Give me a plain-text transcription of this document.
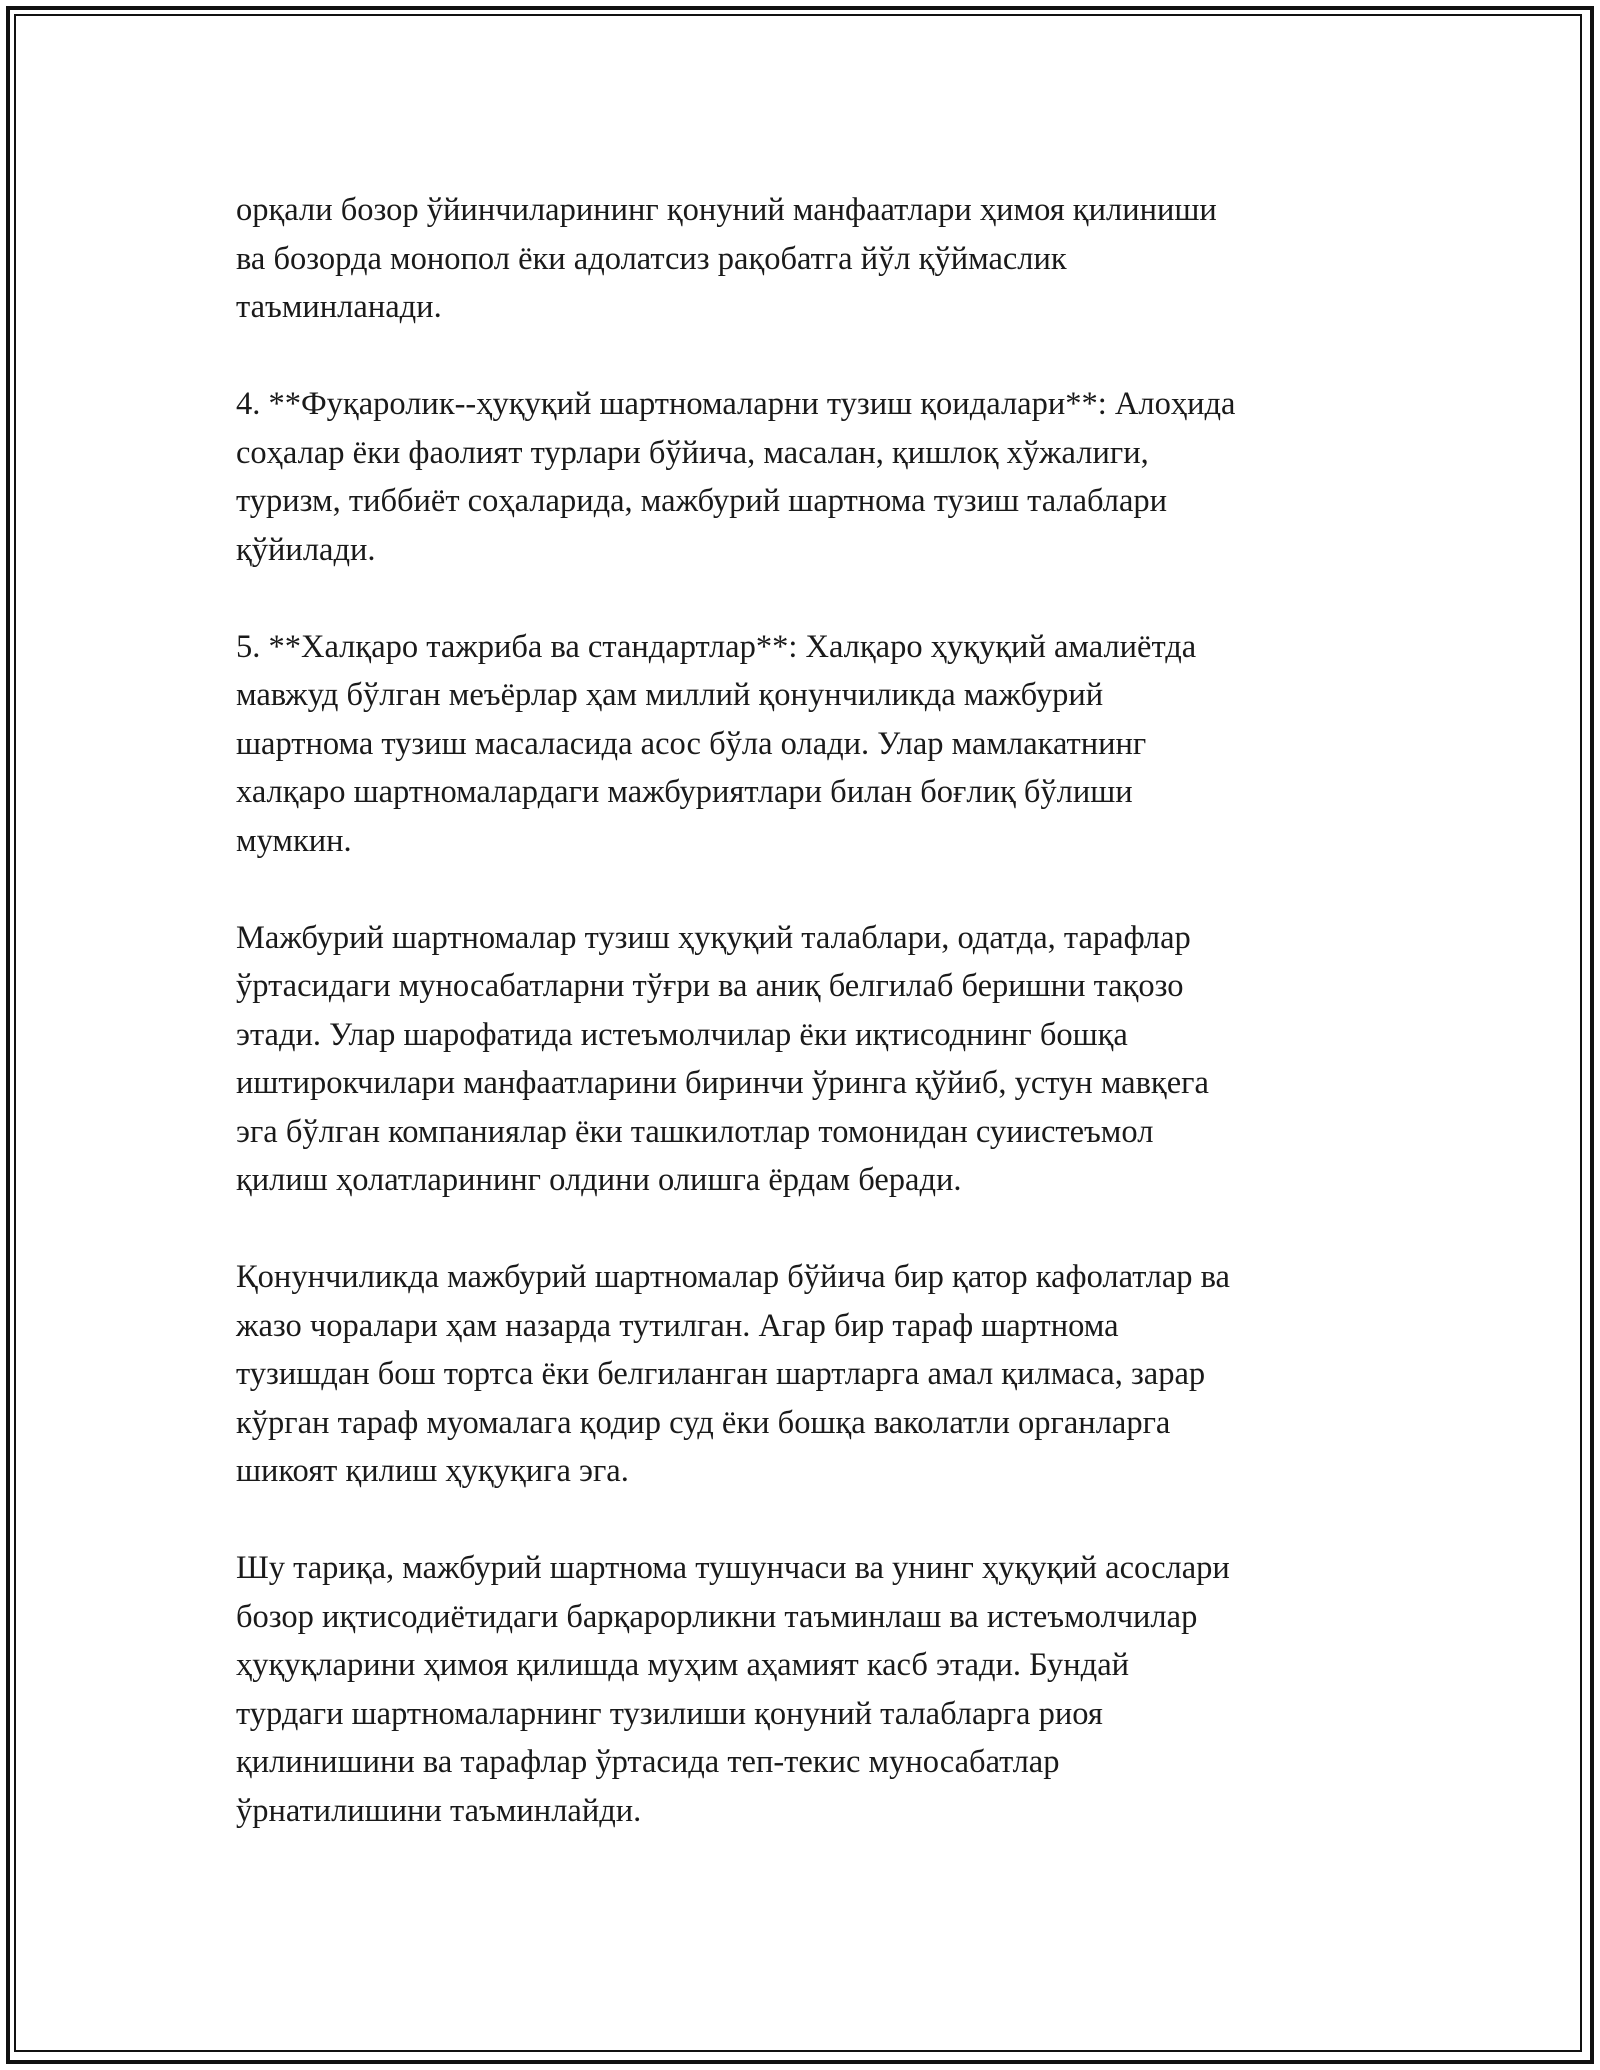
орқали бозор ўйинчиларининг қонуний манфаатлари ҳимоя қилиниши
ва бозорда монопол ёки адолатсиз рақобатга йўл қўймаслик
таъминланади.

4. **Фуқаролик--ҳуқуқий шартномаларни тузиш қоидалари**: Алоҳида
соҳалар ёки фаолият турлари бўйича, масалан, қишлоқ хўжалиги,
туризм, тиббиёт соҳаларида, мажбурий шартнома тузиш талаблари
қўйилади.

5. **Халқаро тажриба ва стандартлар**: Халқаро ҳуқуқий амалиётда
мавжуд бўлган меъёрлар ҳам миллий қонунчиликда мажбурий
шартнома тузиш масаласида асос бўла олади. Улар мамлакатнинг
халқаро шартномалардаги мажбуриятлари билан боғлиқ бўлиши
мумкин.

Мажбурий шартномалар тузиш ҳуқуқий талаблари, одатда, тарафлар
ўртасидаги муносабатларни тўғри ва аниқ белгилаб беришни тақозо
этади. Улар шарофатида истеъмолчилар ёки иқтисоднинг бошқа
иштирокчилари манфаатларини биринчи ўринга қўйиб, устун мавқега
эга бўлган компаниялар ёки ташкилотлар томонидан суиистеъмол
қилиш ҳолатларининг олдини олишга ёрдам беради.

Қонунчиликда мажбурий шартномалар бўйича бир қатор кафолатлар ва
жазо чоралари ҳам назарда тутилган. Агар бир тараф шартнома
тузишдан бош тортса ёки белгиланган шартларга амал қилмаса, зарар
кўрган тараф муомалага қодир суд ёки бошқа ваколатли органларга
шикоят қилиш ҳуқуқига эга.

Шу тариқа, мажбурий шартнома тушунчаси ва унинг ҳуқуқий асослари
бозор иқтисодиётидаги барқарорликни таъминлаш ва истеъмолчилар
ҳуқуқларини ҳимоя қилишда муҳим аҳамият касб этади. Бундай
турдаги шартномаларнинг тузилиши қонуний талабларга риоя
қилинишини ва тарафлар ўртасида теп-текис муносабатлар
ўрнатилишини таъминлайди.
